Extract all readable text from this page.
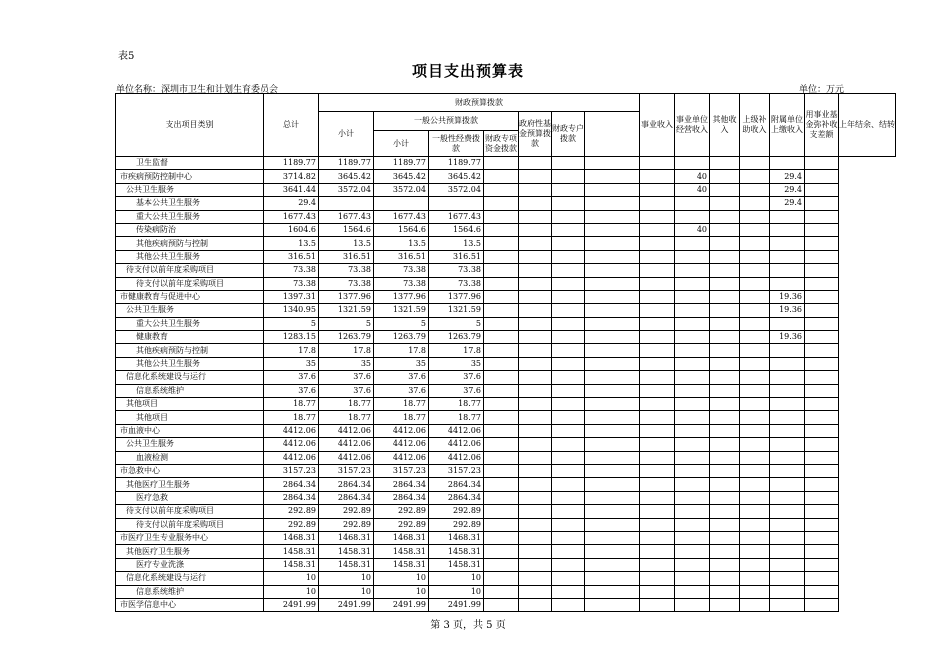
表5
项目支出预算表
单位名称：深圳市卫生和计划生育委员会	单位：万元
支出项目类别	总计	财政预算拨款							事业收入	事业单位经营收入	其他收入	上级补助收入	附属单位上缴收入	用事业基金弥补收支差额	上年结余、结转
		小计	一般公共预算拨款			政府性基金预算拨款	财政专户拨款								
			小计	一般性经费拨款	财政专项资金拨款										
卫生监督	1189.77	1189.77	1189.77	1189.77											
市疾病预防控制中心	3714.82	3645.42	3645.42	3645.42						40			29.4		
公共卫生服务	3641.44	3572.04	3572.04	3572.04						40			29.4		
基本公共卫生服务	29.4												29.4		
重大公共卫生服务	1677.43	1677.43	1677.43	1677.43											
传染病防治	1604.6	1564.6	1564.6	1564.6						40					
其他疾病预防与控制	13.5	13.5	13.5	13.5											
其他公共卫生服务	316.51	316.51	316.51	316.51											
待支付以前年度采购项目	73.38	73.38	73.38	73.38											
待支付以前年度采购项目	73.38	73.38	73.38	73.38											
市健康教育与促进中心	1397.31	1377.96	1377.96	1377.96									19.36		
公共卫生服务	1340.95	1321.59	1321.59	1321.59									19.36		
重大公共卫生服务	5	5	5	5											
健康教育	1283.15	1263.79	1263.79	1263.79									19.36		
其他疾病预防与控制	17.8	17.8	17.8	17.8											
其他公共卫生服务	35	35	35	35											
信息化系统建设与运行	37.6	37.6	37.6	37.6											
信息系统维护	37.6	37.6	37.6	37.6											
其他项目	18.77	18.77	18.77	18.77											
其他项目	18.77	18.77	18.77	18.77											
市血液中心	4412.06	4412.06	4412.06	4412.06											
公共卫生服务	4412.06	4412.06	4412.06	4412.06											
血液检测	4412.06	4412.06	4412.06	4412.06											
市急救中心	3157.23	3157.23	3157.23	3157.23											
其他医疗卫生服务	2864.34	2864.34	2864.34	2864.34											
医疗急救	2864.34	2864.34	2864.34	2864.34											
待支付以前年度采购项目	292.89	292.89	292.89	292.89											
待支付以前年度采购项目	292.89	292.89	292.89	292.89											
市医疗卫生专业服务中心	1468.31	1468.31	1468.31	1468.31											
其他医疗卫生服务	1458.31	1458.31	1458.31	1458.31											
医疗专业洗涤	1458.31	1458.31	1458.31	1458.31											
信息化系统建设与运行	10	10	10	10											
信息系统维护	10	10	10	10											
市医学信息中心	2491.99	2491.99	2491.99	2491.99											
第 3 页，共 5 页
